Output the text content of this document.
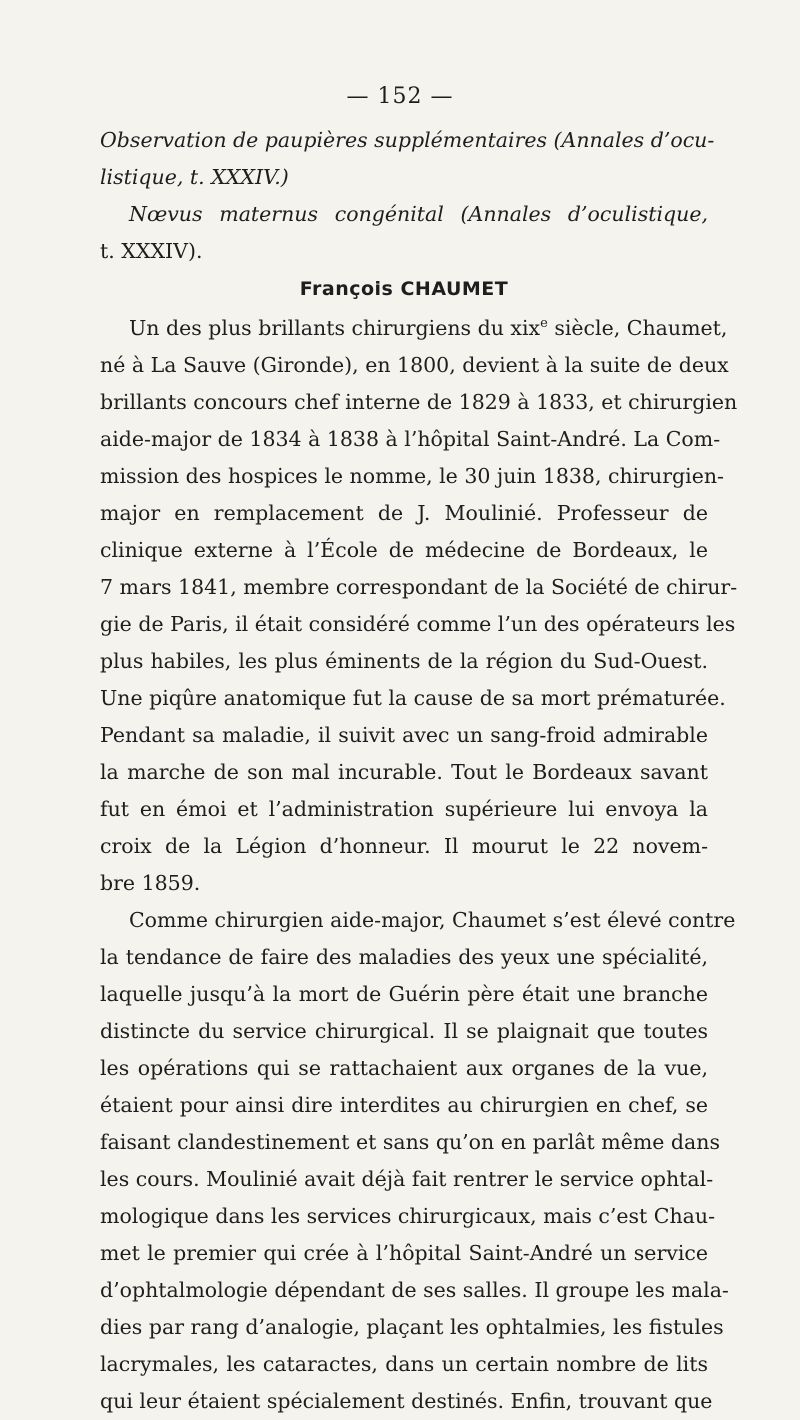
— 152 —
Observation de paupières supplémentaires (Annales d’ocu-
listique, t. XXXIV.)
Nœvus maternus congénital (Annales d’oculistique,
t. XXXIV).
François CHAUMET
Un des plus brillants chirurgiens du xix$^e$ siècle, Chaumet,
né à La Sauve (Gironde), en 1800, devient à la suite de deux
brillants concours chef interne de 1829 à 1833, et chirurgien
aide-major de 1834 à 1838 à l’hôpital Saint-André. La Com-
mission des hospices le nomme, le 30 juin 1838, chirurgien-
major en remplacement de J. Moulinié. Professeur de
clinique externe à l’École de médecine de Bordeaux, le
7 mars 1841, membre correspondant de la Société de chirur-
gie de Paris, il était considéré comme l’un des opérateurs les
plus habiles, les plus éminents de la région du Sud-Ouest.
Une piqûre anatomique fut la cause de sa mort prématurée.
Pendant sa maladie, il suivit avec un sang-froid admirable
la marche de son mal incurable. Tout le Bordeaux savant
fut en émoi et l’administration supérieure lui envoya la
croix de la Légion d’honneur. Il mourut le 22 novem-
bre 1859.
Comme chirurgien aide-major, Chaumet s’est élevé contre
la tendance de faire des maladies des yeux une spécialité,
laquelle jusqu’à la mort de Guérin père était une branche
distincte du service chirurgical. Il se plaignait que toutes
les opérations qui se rattachaient aux organes de la vue,
étaient pour ainsi dire interdites au chirurgien en chef, se
faisant clandestinement et sans qu’on en parlât même dans
les cours. Moulinié avait déjà fait rentrer le service ophtal-
mologique dans les services chirurgicaux, mais c’est Chau-
met le premier qui crée à l’hôpital Saint-André un service
d’ophtalmologie dépendant de ses salles. Il groupe les mala-
dies par rang d’analogie, plaçant les ophtalmies, les fistules
lacrymales, les cataractes, dans un certain nombre de lits
qui leur étaient spécialement destinés. Enfin, trouvant que
